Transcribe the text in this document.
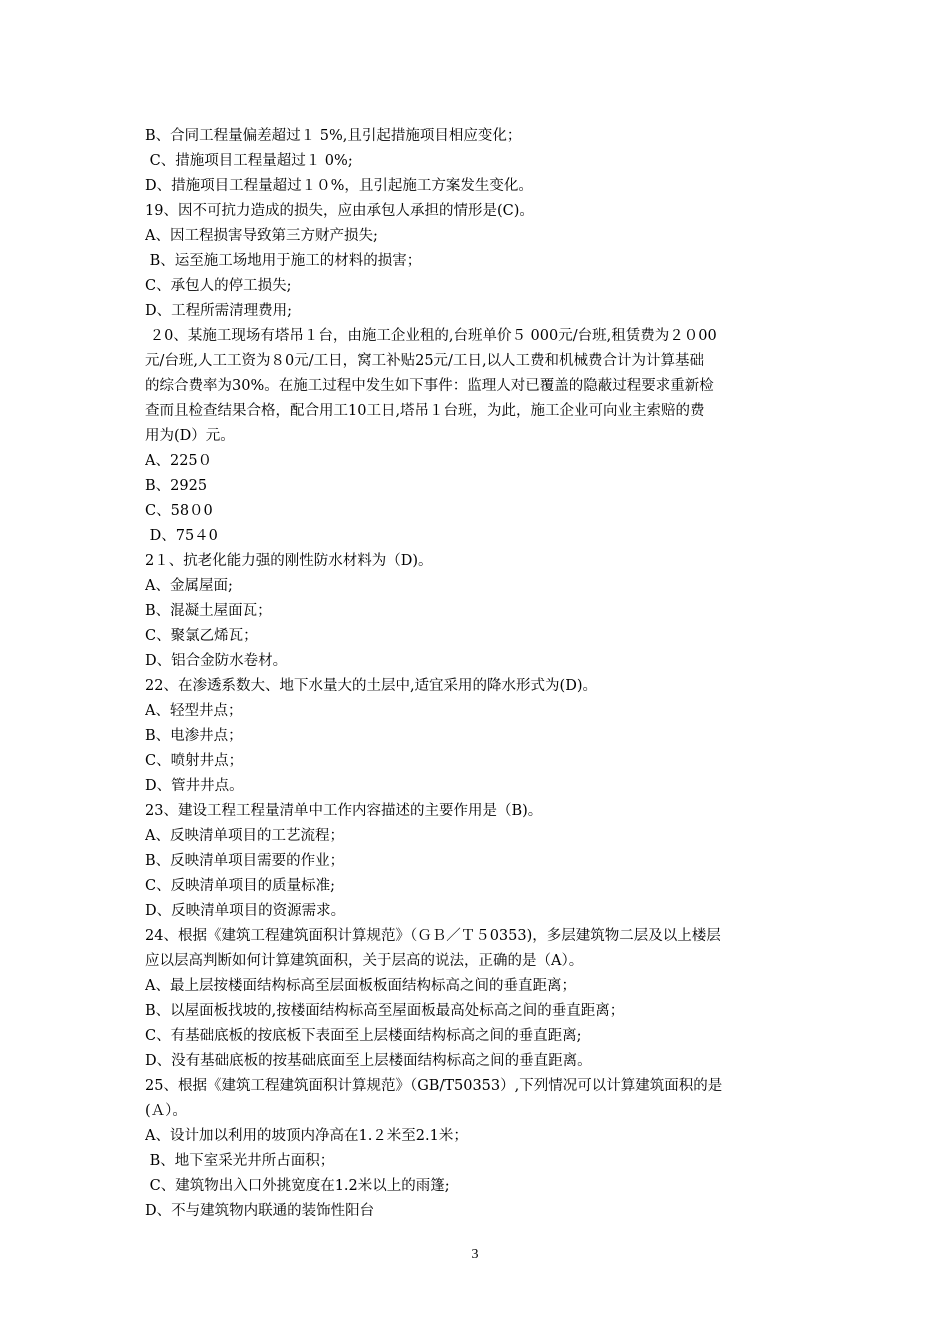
B、合同工程量偏差超过１ 5%,且引起措施项目相应变化；
C、措施项目工程量超过１ 0%;
D、措施项目工程量超过１０%，且引起施工方案发生变化。
19、因不可抗力造成的损失，应由承包人承担的情形是(C)。
A、因工程损害导致第三方财产损失;
B、运至施工场地用于施工的材料的损害；
C、承包人的停工损失;
D、工程所需清理费用;
２0、某施工现场有塔吊１台，由施工企业租的,台班单价５ 000元/台班,租赁费为２０00
元/台班,人工工资为８0元/工日，窝工补贴25元/工日,以人工费和机械费合计为计算基础
的综合费率为30%。在施工过程中发生如下事件：监理人对已覆盖的隐蔽过程要求重新检
查而且检查结果合格，配合用工10工日,塔吊１台班，为此，施工企业可向业主索赔的费
用为(D）元。
A、225０
B、2925
C、58０0
D、75４0
2１、抗老化能力强的刚性防水材料为（D)。
A、金属屋面;
B、混凝土屋面瓦；
C、聚氯乙烯瓦；
D、铝合金防水卷材。
22、在渗透系数大、地下水量大的土层中,适宜采用的降水形式为(D)。
A、轻型井点；
B、电渗井点；
C、喷射井点；
D、管井井点。
23、建设工程工程量清单中工作内容描述的主要作用是（B)。
A、反映清单项目的工艺流程；
B、反映清单项目需要的作业；
C、反映清单项目的质量标准;
D、反映清单项目的资源需求。
24、根据《建筑工程建筑面积计算规范》（ＧＢ／Ｔ５0353)，多层建筑物二层及以上楼层
应以层高判断如何计算建筑面积，关于层高的说法，正确的是（A）。
A、最上层按楼面结构标高至层面板板面结构标高之间的垂直距离；
B、以屋面板找坡的,按楼面结构标高至屋面板最高处标高之间的垂直距离；
C、有基础底板的按底板下表面至上层楼面结构标高之间的垂直距离;
D、没有基础底板的按基础底面至上层楼面结构标高之间的垂直距离。
25、根据《建筑工程建筑面积计算规范》（GB/T50353）,下列情况可以计算建筑面积的是
(Ａ）。
A、设计加以利用的坡顶内净高在1.２米至2.1米；
B、地下室采光井所占面积；
C、建筑物出入口外挑宽度在1.2米以上的雨篷;
D、不与建筑物内联通的装饰性阳台
3
